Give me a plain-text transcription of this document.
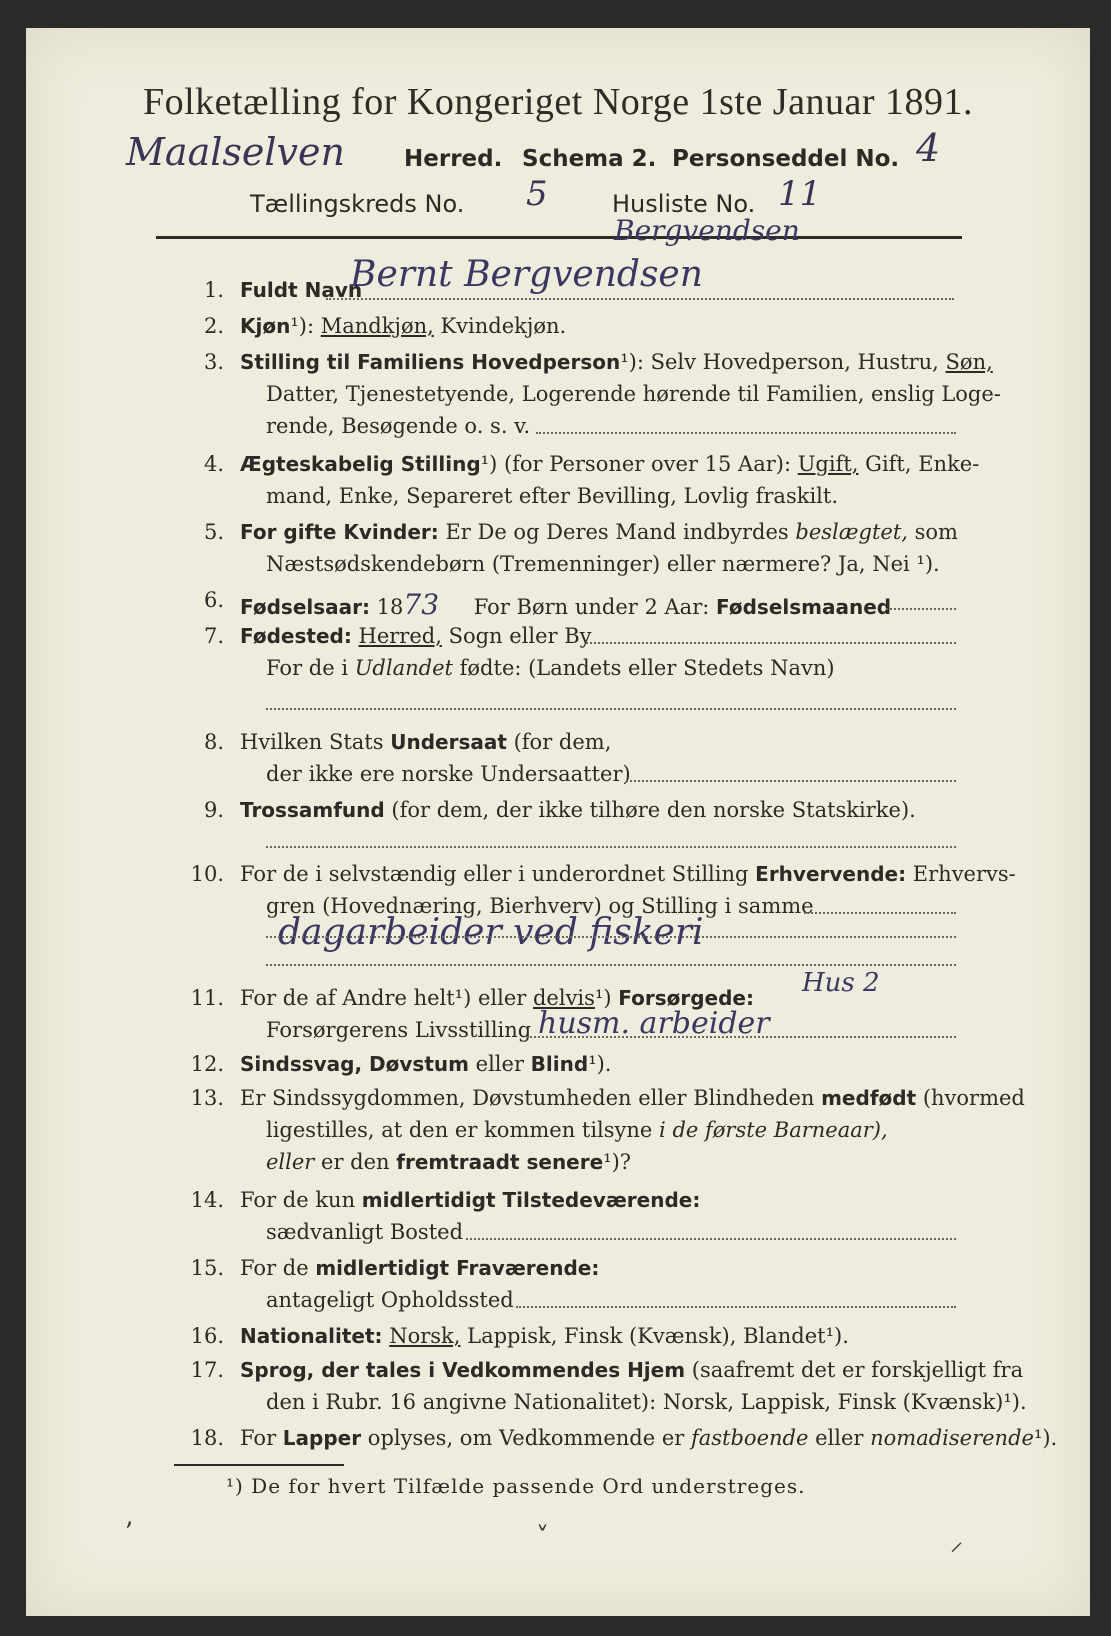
Folketælling for Kongeriget Norge 1ste Januar 1891.
Maalselven	Herred. Schema 2. Personseddel No. 4
Tællingskreds No. 5	Husliste No. 11
1. Fuldt Navn
Bergvendsen
Bernt Bergvendsen
2. Kjøn¹): Mandkjøn, Kvindekjøn.
3. Stilling til Familiens Hovedperson¹): Selv Hovedperson, Hustru, Søn,
Datter, Tjenestetyende, Logerende hørende til Familien, enslig Loge-
rende, Besøgende o. s. v.
4. Ægteskabelig Stilling¹) (for Personer over 15 Aar): Ugift, Gift, Enke-
mand, Enke, Separeret efter Bevilling, Lovlig fraskilt.
5. For gifte Kvinder: Er De og Deres Mand indbyrdes beslægtet, som
Næstsødskendebørn (Tremenninger) eller nærmere? Ja, Nei ¹).
6. Fødselsaar: 1873 For Børn under 2 Aar: Fødselsmaaned
7. Fødested: Herred, Sogn eller By
For de i Udlandet fødte: (Landets eller Stedets Navn)
8. Hvilken Stats Undersaat (for dem,
der ikke ere norske Undersaatter)
9. Trossamfund (for dem, der ikke tilhøre den norske Statskirke).
10. For de i selvstændig eller i underordnet Stilling Erhvervende: Erhvervs-
gren (Hovednæring, Bierhverv) og Stilling i samme
dagarbeider ved fiskeri
11. For de af Andre helt¹) eller delvis¹) Forsørgede: Hus 2
Forsørgerens Livsstilling husm. arbeider
12. Sindssvag, Døvstum eller Blind¹).
13. Er Sindssygdommen, Døvstumheden eller Blindheden medfødt (hvormed
ligestilles, at den er kommen tilsyne i de første Barneaar),
eller er den fremtraadt senere¹)?
14. For de kun midlertidigt Tilstedeværende:
sædvanligt Bosted
15. For de midlertidigt Fraværende:
antageligt Opholdssted
16. Nationalitet: Norsk, Lappisk, Finsk (Kvænsk), Blandet¹).
17. Sprog, der tales i Vedkommendes Hjem (saafremt det er forskjelligt fra
den i Rubr. 16 angivne Nationalitet): Norsk, Lappisk, Finsk (Kvænsk)¹).
18. For Lapper oplyses, om Vedkommende er fastboende eller nomadiserende¹).
¹) De for hvert Tilfælde passende Ord understreges.
ʼ	˅	⸝
